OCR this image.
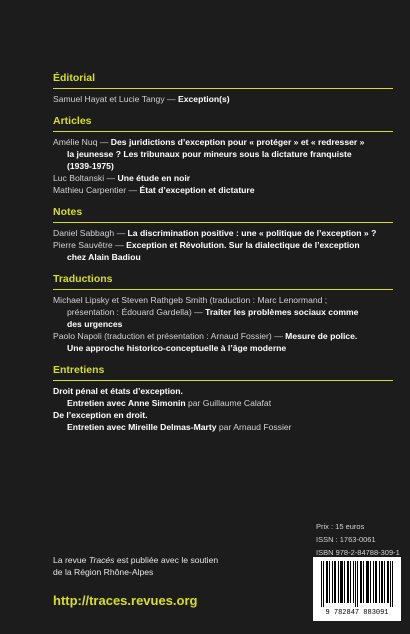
Éditorial
Samuel Hayat et Lucie Tangy — Exception(s)
Articles
Amélie Nuq — Des juridictions d’exception pour « protéger » et « redresser »
la jeunesse ? Les tribunaux pour mineurs sous la dictature franquiste
(1939-1975)
Luc Boltanski — Une étude en noir
Mathieu Carpentier — État d’exception et dictature
Notes
Daniel Sabbagh — La discrimination positive : une « politique de l’exception » ?
Pierre Sauvêtre — Exception et Révolution. Sur la dialectique de l’exception
chez Alain Badiou
Traductions
Michael Lipsky et Steven Rathgeb Smith (traduction : Marc Lenormand ;
présentation : Édouard Gardella) — Traiter les problèmes sociaux comme
des urgences
Paolo Napoli (traduction et présentation : Arnaud Fossier) — Mesure de police.
Une approche historico-conceptuelle à l’âge moderne
Entretiens
Droit pénal et états d’exception.
Entretien avec Anne Simonin par Guillaume Calafat
De l’exception en droit.
Entretien avec Mireille Delmas-Marty par Arnaud Fossier
Prix : 15 euros
ISSN : 1763-0061
ISBN 978-2-84788-309-1
9 782847 883091
La revue Tracés est publiée avec le soutien
de la Région Rhône-Alpes
http://traces.revues.org
